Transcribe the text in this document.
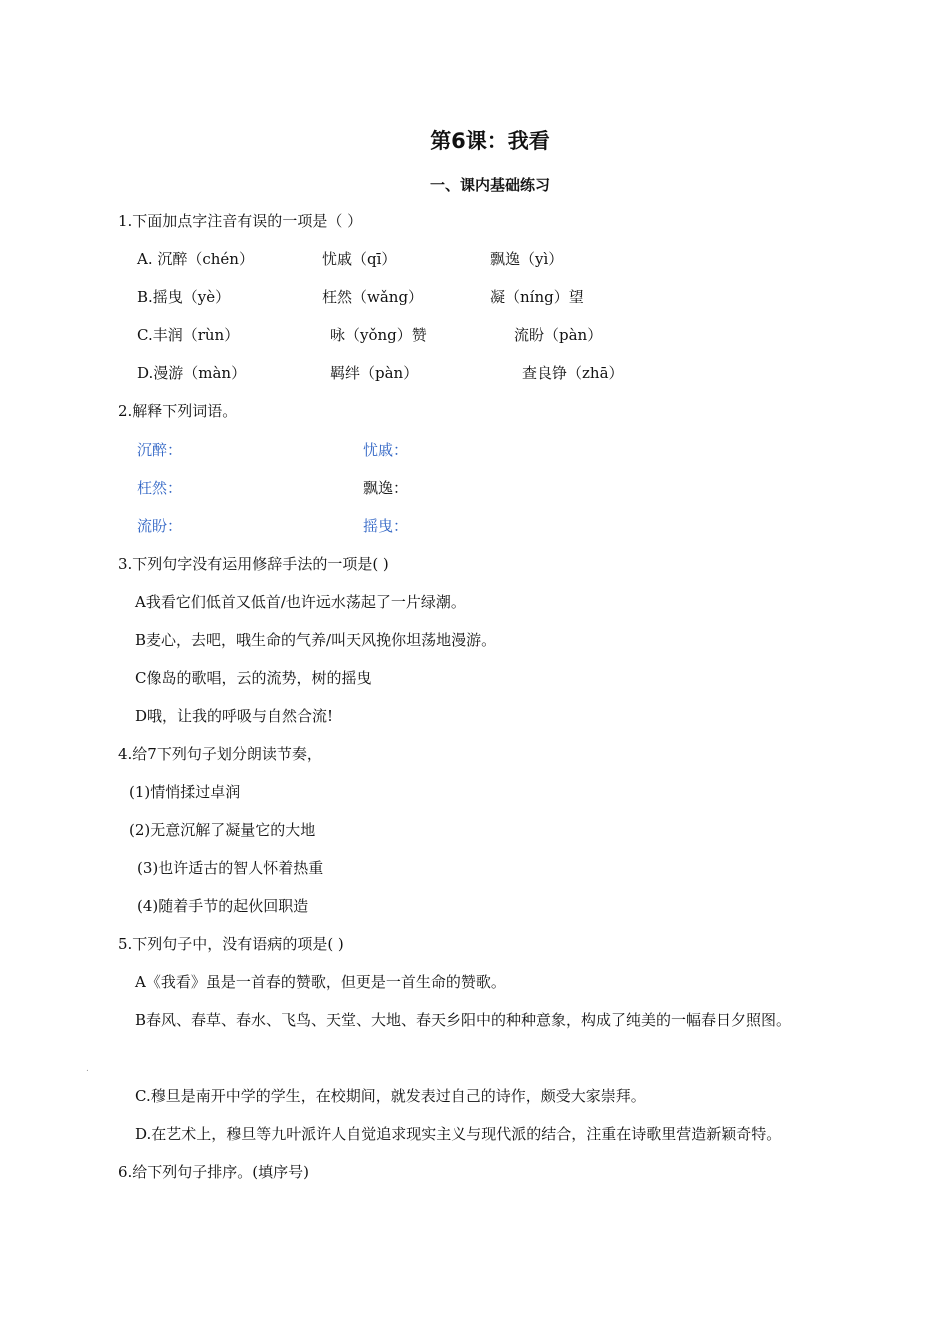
第6课：我看
一、课内基础练习
1.下面加点字注音有误的一项是（ ）
A. 沉醉（chén）	忧戚（qī）	飘逸（yì）
B.摇曳（yè）	枉然（wǎng）	凝（níng）望
C.丰润（rùn）	咏（yǒng）赞	流盼（pàn）
D.漫游（màn）	羁绊（pàn）	查良铮（zhā）
2.解释下列词语。
沉醉：	忧戚：
枉然：	飘逸：
流盼：	摇曳：
3.下列句字没有运用修辞手法的一项是( )
A我看它们低首又低首/也许远水荡起了一片绿潮。
B麦心，去吧，哦生命的气养/叫天风挽你坦荡地漫游。
C像岛的歌唱，云的流势，树的摇曳
D哦，让我的呼吸与自然合流!
4.给7下列句子划分朗读节奏，
(1)情悄揉过卓润
(2)无意沉解了凝量它的大地
(3)也许适古的智人怀着热重
(4)随着手节的起伙回职造
5.下列句子中，没有语病的项是( )
A《我看》虽是一首春的赞歌，但更是一首生命的赞歌。
B春风、春草、春水、飞鸟、天堂、大地、春天乡阳中的种种意象，构成了纯美的一幅春日夕照图。
.
C.穆旦是南开中学的学生，在校期间，就发表过自己的诗作，颇受大家崇拜。
D.在艺术上，穆旦等九叶派许人自觉追求现实主义与现代派的结合，注重在诗歌里营造新颖奇特。
6.给下列句子排序。(填序号)
